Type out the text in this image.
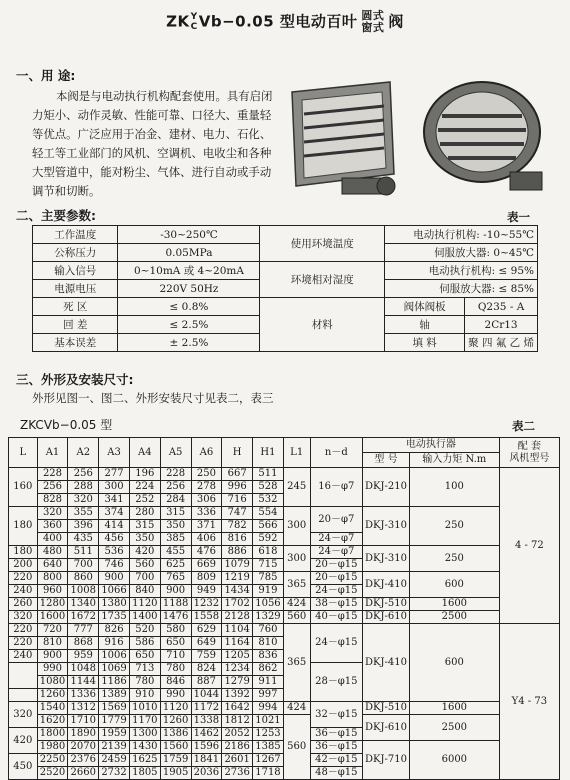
ZKY
CVb−0.05 型电动百叶 圆式
窗式 阀
一、用 途:
本阀是与电动执行机构配套使用。具有启闭力矩小、动作灵敏、性能可靠、口径大、重量轻等优点。广泛应用于冶金、建材、电力、石化、轻工等工业部门的风机、空调机、电收尘和各种大型管道中，能对粉尘、气体、进行自动或手动调节和切断。
二、主要参数:	表一
工作温度	-30~250℃	使用环境温度	电动执行机构: -10~55℃	
公称压力	0.05MPa		伺服放大器: 0~45℃	
输入信号	0~10mA 或 4~20mA	环境相对湿度	电动执行机构: ≤ 95%	
电源电压	220V 50Hz		伺服放大器: ≤ 85%	
死 区	≤ 0.8%	材料	阀体阀板	Q235 - A
回 差	≤ 2.5%		轴	2Cr13
基本误差	± 2.5%		填 料	聚 四 氟 乙 烯
三、外形及安装尺寸:
外形见图一、图二、外形安装尺寸见表二，表三
ZKCVb−0.05 型	表二
L	A1	A2	A3	A4	A5	A6	H	H1	L1	n－d	电动执行器		配 套
风机型号
											型 号	输入力矩 N.m	
160	228	256	277	196	228	250	667	511	245	16－φ7	DKJ-210	100	4 - 72
	256	288	300	224	256	278	996	528					
	828	320	341	252	284	306	716	532					
180	320	355	374	280	315	336	747	554	300	20－φ7	DKJ-310	250	
	360	396	414	315	350	371	782	566					
	400	435	456	350	385	406	816	592		24－φ7			
180	480	511	536	420	455	476	886	618	300	24－φ7	DKJ-310	250	
200	640	700	746	560	625	669	1079	715		20－φ15			
220	800	860	900	700	765	809	1219	785	365	20－φ15	DKJ-410	600	
240	960	1008	1066	840	900	949	1434	919		24－φ15			
260	1280	1340	1380	1120	1188	1232	1702	1056	424	38－φ15	DKJ-510	1600	
320	1600	1672	1735	1400	1476	1558	2128	1329	560	40－φ15	DKJ-610	2500	
220	720	777	826	520	580	629	1104	760	365	24－φ15	DKJ-410	600	Y4 - 73
220	810	868	916	586	650	649	1164	810					
240	900	959	1006	650	710	759	1205	836					
	990	1048	1069	713	780	824	1234	862		28－φ15			
	1080	1144	1186	780	846	887	1279	911					
	1260	1336	1389	910	990	1044	1392	997					
320	1540	1312	1569	1010	1120	1172	1642	994	424	32－φ15	DKJ-510	1600	
	1620	1710	1779	1170	1260	1338	1812	1021	560		DKJ-610	2500	
420	1800	1890	1959	1300	1386	1462	2052	1253		36－φ15			
	1980	2070	2139	1430	1560	1596	2186	1385		36－φ15	DKJ-710	6000	
450	2250	2376	2459	1625	1759	1841	2601	1267		42－φ15			
	2520	2660	2732	1805	1905	2036	2736	1718		48－φ15			
